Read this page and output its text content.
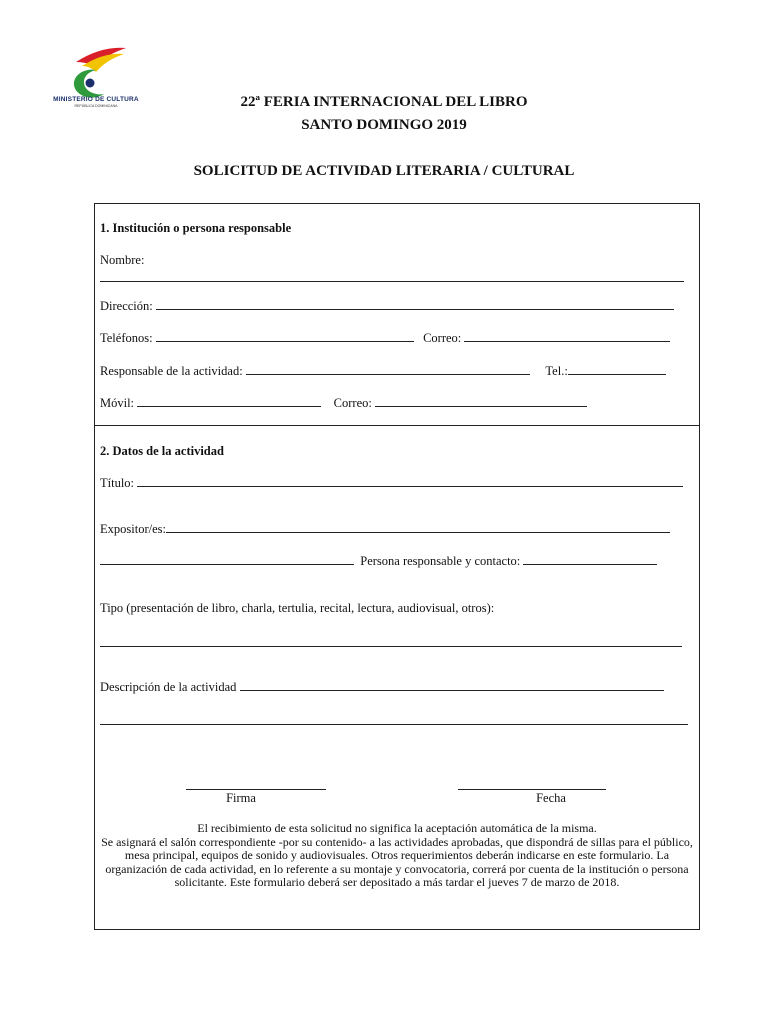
MINISTERIO DE CULTURA
REPÚBLICA DOMINICANA	22ª FERIA INTERNACIONAL DEL LIBRO
SANTO DOMINGO 2019
SOLICITUD DE ACTIVIDAD LITERARIA / CULTURAL
1. Institución o persona responsable
Nombre:
Dirección:
Teléfonos:	Correo:
Responsable de la actividad:	Tel.:
Móvil:	Correo:
2. Datos de la actividad
Título:
Expositor/es:
Persona responsable y contacto:
Tipo (presentación de libro, charla, tertulia, recital, lectura, audiovisual, otros):
Descripción de la actividad
Firma	Fecha
El recibimiento de esta solicitud no significa la aceptación automática de la misma.
Se asignará el salón correspondiente -por su contenido- a las actividades aprobadas, que dispondrá de sillas para el público, mesa principal, equipos de sonido y audiovisuales. Otros requerimientos deberán indicarse en este formulario. La organización de cada actividad, en lo referente a su montaje y convocatoria, correrá por cuenta de la institución o persona solicitante. Este formulario deberá ser depositado a más tardar el jueves 7 de marzo de 2018.
